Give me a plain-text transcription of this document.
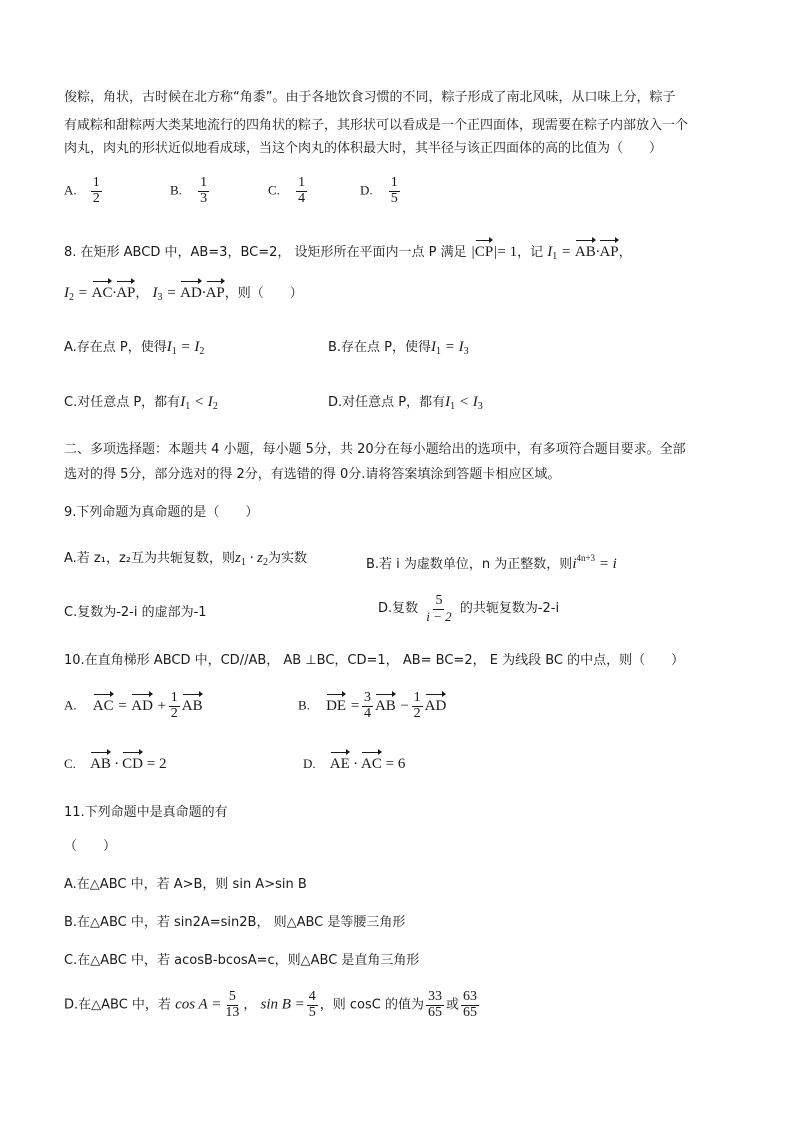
俊粽，角状，古时候在北方称“角黍”。由于各地饮食习惯的不同，粽子形成了南北风味，从口味上分，粽子
有咸粽和甜粽两大类某地流行的四角状的粽子，其形状可以看成是一个正四面体，现需要在粽子内部放入一个
肉丸，肉丸的形状近似地看成球，当这个肉丸的体积最大时，其半径与该正四面体的高的比值为（　　）
A. $\frac{1}{2}$	B. $\frac{1}{3}$	C. $\frac{1}{4}$	D. $\frac{1}{5}$
8. 在矩形 ABCD 中，AB=3，BC=2， 设矩形所在平面内一点 P 满足 |CP|= 1，记 $I_1 = AB\cdot AP$，
$I_2 = AC\cdot AP$， $I_3 = AD\cdot AP$，则（　　）
A.存在点 P，使得$I_1 = I_2$	B.存在点 P，使得$I_1 = I_3$
C.对任意点 P，都有$I_1 < I_2$	D.对任意点 P，都有$I_1 < I_3$
二、多项选择题：本题共 4 小题，每小题 5分，共 20分在每小题给出的选项中，有多项符合题目要求。全部
选对的得 5分，部分选对的得 2分，有选错的得 0分.请将答案填涂到答题卡相应区域。
9.下列命题为真命题的是（　　）
A.若 z₁，z₂互为共轭复数，则$z_1 \cdot z_2$为实数	B.若 i 为虚数单位，n 为正整数，则$i^{4n+3} = i$
C.复数为-2-i 的虚部为-1	D.复数 $\frac{5}{i - 2}$ 的共轭复数为-2-i
10.在直角梯形 ABCD 中，CD//AB， AB ⊥BC，CD=1， AB= BC=2， E 为线段 BC 的中点，则（　　）
A. AC = AD + $\frac{1}{2}$ AB	B. DE = $\frac{3}{4}$ AB − $\frac{1}{2}$ AD
C. AB · CD = 2	D. AE · AC = 6
11.下列命题中是真命题的有
（　　）
A.在△ABC 中，若 A>B，则 sin A>sin B
B.在△ABC 中，若 sin2A=sin2B， 则△ABC 是等腰三角形
C.在△ABC 中，若 acosB-bcosA=c，则△ABC 是直角三角形
D.在△ABC 中，若 $\cos A = \frac{5}{13}$ ， $\sin B = \frac{4}{5}$ ，则 cosC 的值为 $\frac{33}{65}$ 或 $\frac{63}{65}$
